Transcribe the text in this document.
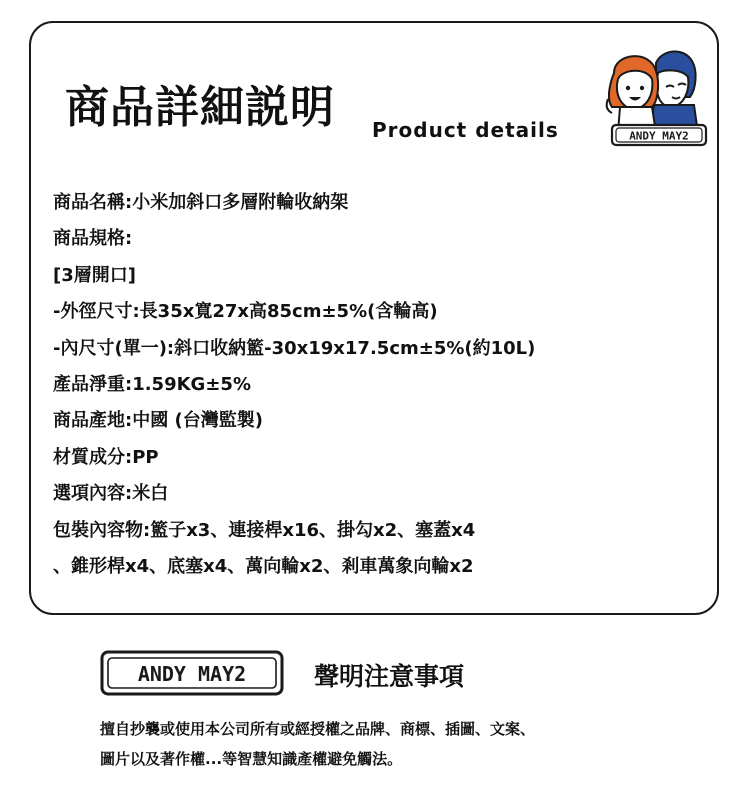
商品詳細説明 Product details	ANDY MAY2
商品名稱:小米加斜口多層附輪收納架
商品規格:
[3層開口]
-外徑尺寸:長35x寬27x高85cm±5%(含輪高)
-內尺寸(單一):斜口收納籃-30x19x17.5cm±5%(約10L)
產品淨重:1.59KG±5%
商品產地:中國 (台灣監製)
材質成分:PP
選項內容:米白
包裝內容物:籃子x3、連接桿x16、掛勾x2、塞蓋x4
、錐形桿x4、底塞x4、萬向輪x2、剎車萬象向輪x2
ANDY MAY2	聲明注意事項
擅自抄襲或使用本公司所有或經授權之品牌、商標、插圖、文案、
圖片以及著作權...等智慧知識產權避免觸法。
